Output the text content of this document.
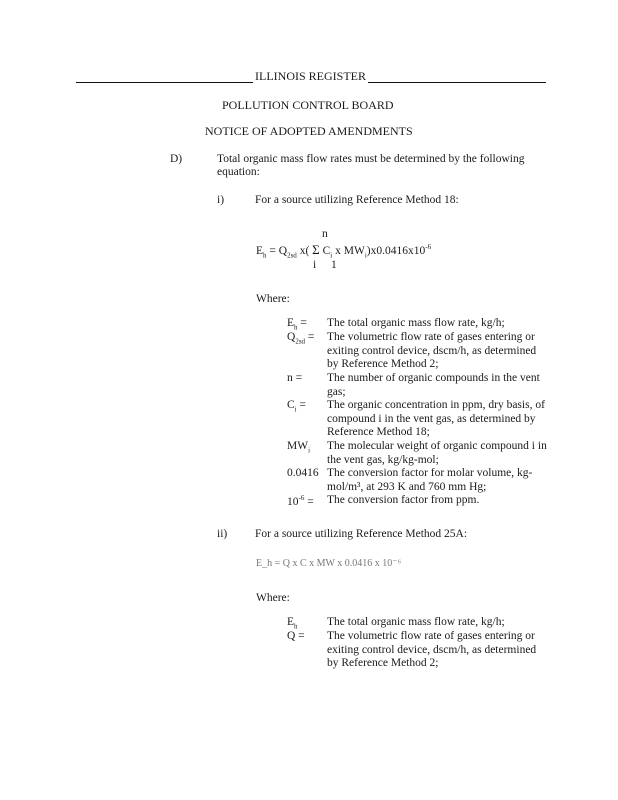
ILLINOIS REGISTER
POLLUTION CONTROL BOARD
NOTICE OF ADOPTED AMENDMENTS
D)	Total organic mass flow rates must be determined by the following equation:
i)	For a source utilizing Reference Method 18:
n
$E_h = Q_{2sd}$ x( Σ $C_i$ x $MW_i)x0.0416x10^{-6}$
i 1
Where:
$E_h$ =	The total organic mass flow rate, kg/h;
$Q_{2sd}$ =	The volumetric flow rate of gases entering or exiting control device, dscm/h, as determined by Reference Method 2;
n =	The number of organic compounds in the vent gas;
$C_i$ =	The organic concentration in ppm, dry basis, of compound i in the vent gas, as determined by Reference Method 18;
$MW_i$	The molecular weight of organic compound i in the vent gas, kg/kg-mol;
0.0416 The conversion factor for molar volume, kg-mol/m³, at 293 K and 760 mm Hg;
$10^{-6}$ =	The conversion factor from ppm.
ii) For a source utilizing Reference Method 25A:
E_h = Q x C x MW x 0.0416 x 10⁻⁶
Where:
$E_h$	The total organic mass flow rate, kg/h;
Q =	The volumetric flow rate of gases entering or exiting control device, dscm/h, as determined by Reference Method 2;
